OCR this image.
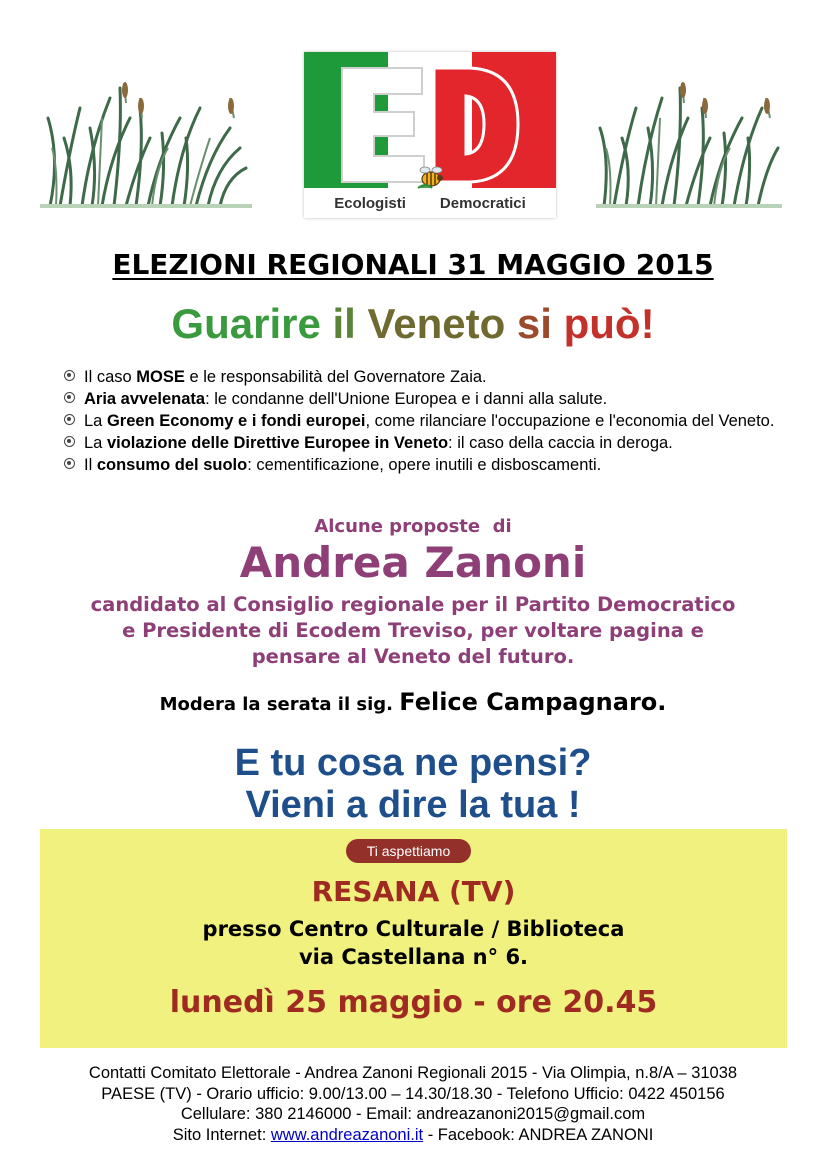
Ecologisti Democratici
ELEZIONI REGIONALI 31 MAGGIO 2015
Guarire il Veneto si può!
Il caso MOSE e le responsabilità del Governatore Zaia.
Aria avvelenata: le condanne dell'Unione Europea e i danni alla salute.
La Green Economy e i fondi europei, come rilanciare l'occupazione e l'economia del Veneto.
La violazione delle Direttive Europee in Veneto: il caso della caccia in deroga.
Il consumo del suolo: cementificazione, opere inutili e disboscamenti.
Alcune proposte  di
Andrea Zanoni
candidato al Consiglio regionale per il Partito Democratico
e Presidente di Ecodem Treviso, per voltare pagina e
pensare al Veneto del futuro.
Modera la serata il sig. Felice Campagnaro.
E tu cosa ne pensi?
Vieni a dire la tua !
Ti aspettiamo
RESANA (TV)
presso Centro Culturale / Biblioteca
via Castellana n° 6.
lunedì 25 maggio - ore 20.45
Contatti Comitato Elettorale - Andrea Zanoni Regionali 2015 - Via Olimpia, n.8/A – 31038
PAESE (TV) - Orario ufficio: 9.00/13.00 – 14.30/18.30 - Telefono Ufficio: 0422 450156
Cellulare: 380 2146000 - Email: andreazanoni2015@gmail.com
Sito Internet: www.andreazanoni.it - Facebook: ANDREA ZANONI
